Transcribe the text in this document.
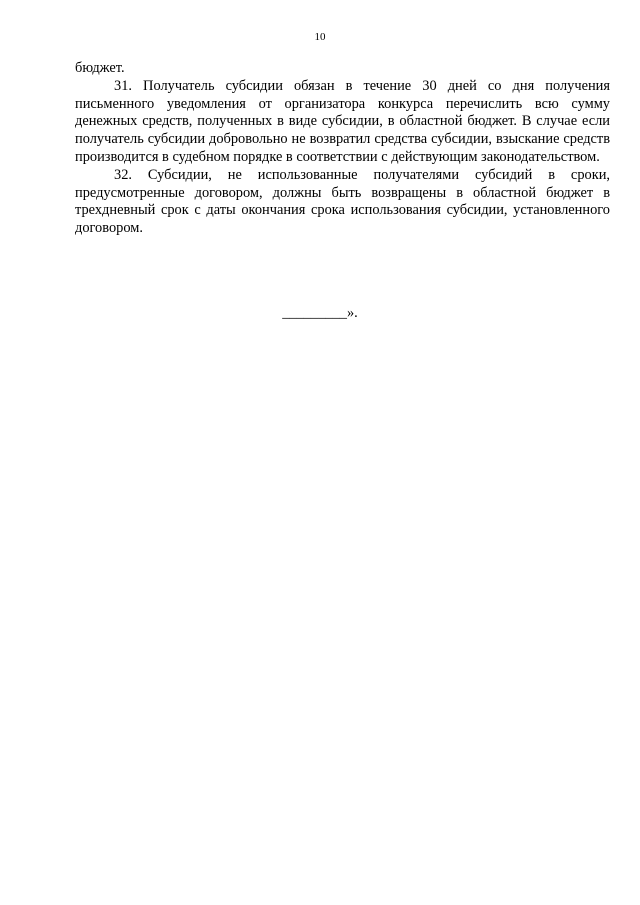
10

бюджет.

31. Получатель субсидии обязан в течение 30 дней со дня получения письменного уведомления от организатора конкурса перечислить всю сумму денежных средств, полученных в виде субсидии, в областной бюджет. В случае если получатель субсидии добровольно не возвратил средства субсидии, взыскание средств производится в судебном порядке в соответствии с действующим законодательством.

32. Субсидии, не использованные получателями субсидий в сроки, предусмотренные договором, должны быть возвращены в областной бюджет в трехдневный срок с даты окончания срока использования субсидии, установленного договором.

_________».
